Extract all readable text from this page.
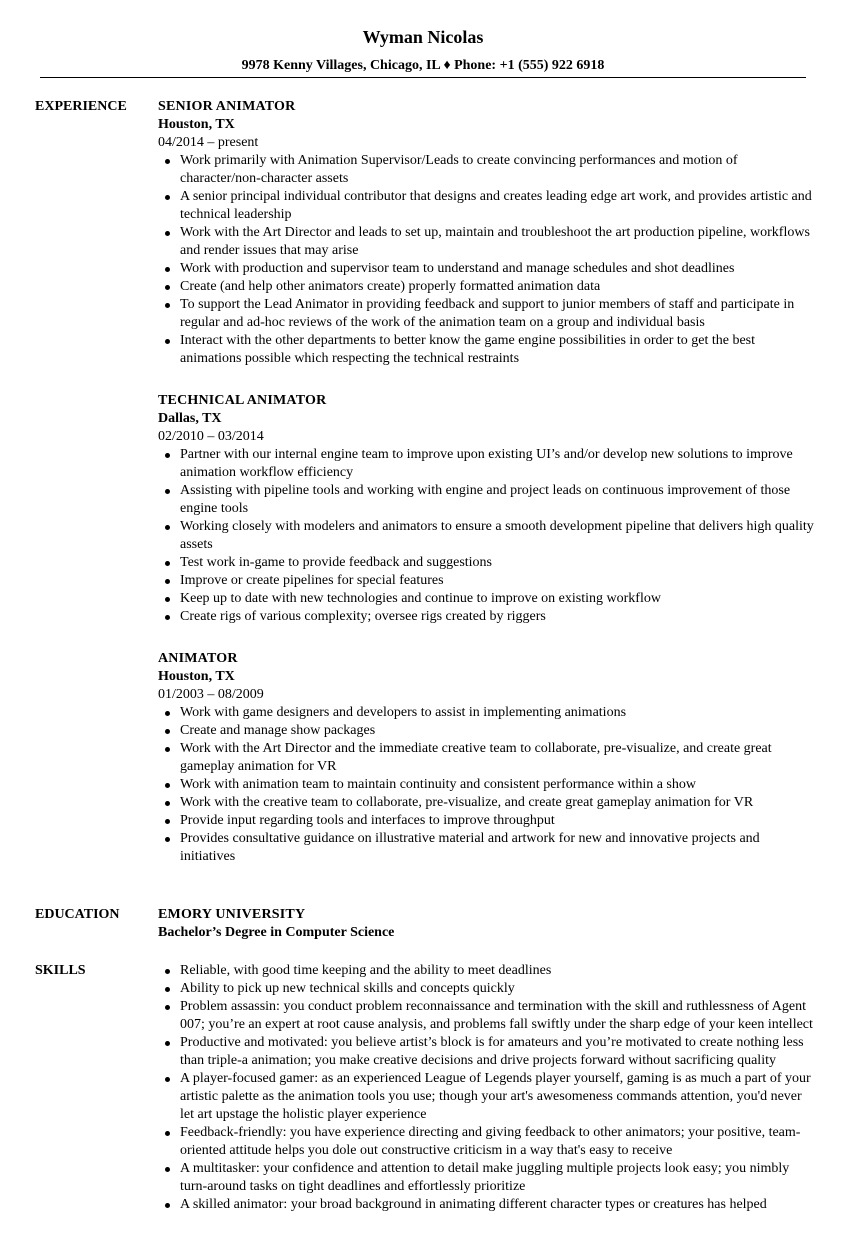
Wyman Nicolas
9978 Kenny Villages, Chicago, IL ♦ Phone: +1 (555) 922 6918
EXPERIENCE	SENIOR ANIMATOR
Houston, TX
04/2014 – present
Work primarily with Animation Supervisor/Leads to create convincing performances and motion of character/non-character assets
A senior principal individual contributor that designs and creates leading edge art work, and provides artistic and technical leadership
Work with the Art Director and leads to set up, maintain and troubleshoot the art production pipeline, workflows and render issues that may arise
Work with production and supervisor team to understand and manage schedules and shot deadlines
Create (and help other animators create) properly formatted animation data
To support the Lead Animator in providing feedback and support to junior members of staff and participate in regular and ad-hoc reviews of the work of the animation team on a group and individual basis
Interact with the other departments to better know the game engine possibilities in order to get the best animations possible which respecting the technical restraints
TECHNICAL ANIMATOR
Dallas, TX
02/2010 – 03/2014
Partner with our internal engine team to improve upon existing UI’s and/or develop new solutions to improve animation workflow efficiency
Assisting with pipeline tools and working with engine and project leads on continuous improvement of those engine tools
Working closely with modelers and animators to ensure a smooth development pipeline that delivers high quality assets
Test work in-game to provide feedback and suggestions
Improve or create pipelines for special features
Keep up to date with new technologies and continue to improve on existing workflow
Create rigs of various complexity; oversee rigs created by riggers
ANIMATOR
Houston, TX
01/2003 – 08/2009
Work with game designers and developers to assist in implementing animations
Create and manage show packages
Work with the Art Director and the immediate creative team to collaborate, pre-visualize, and create great gameplay animation for VR
Work with animation team to maintain continuity and consistent performance within a show
Work with the creative team to collaborate, pre-visualize, and create great gameplay animation for VR
Provide input regarding tools and interfaces to improve throughput
Provides consultative guidance on illustrative material and artwork for new and innovative projects and initiatives
EDUCATION	EMORY UNIVERSITY
Bachelor’s Degree in Computer Science
SKILLS	Reliable, with good time keeping and the ability to meet deadlines
Ability to pick up new technical skills and concepts quickly
Problem assassin: you conduct problem reconnaissance and termination with the skill and ruthlessness of Agent 007; you’re an expert at root cause analysis, and problems fall swiftly under the sharp edge of your keen intellect
Productive and motivated: you believe artist’s block is for amateurs and you’re motivated to create nothing less than triple-a animation; you make creative decisions and drive projects forward without sacrificing quality
A player-focused gamer: as an experienced League of Legends player yourself, gaming is as much a part of your artistic palette as the animation tools you use; though your art's awesomeness commands attention, you'd never let art upstage the holistic player experience
Feedback-friendly: you have experience directing and giving feedback to other animators; your positive, team-oriented attitude helps you dole out constructive criticism in a way that's easy to receive
A multitasker: your confidence and attention to detail make juggling multiple projects look easy; you nimbly turn-around tasks on tight deadlines and effortlessly prioritize
A skilled animator: your broad background in animating different character types or creatures has helped
